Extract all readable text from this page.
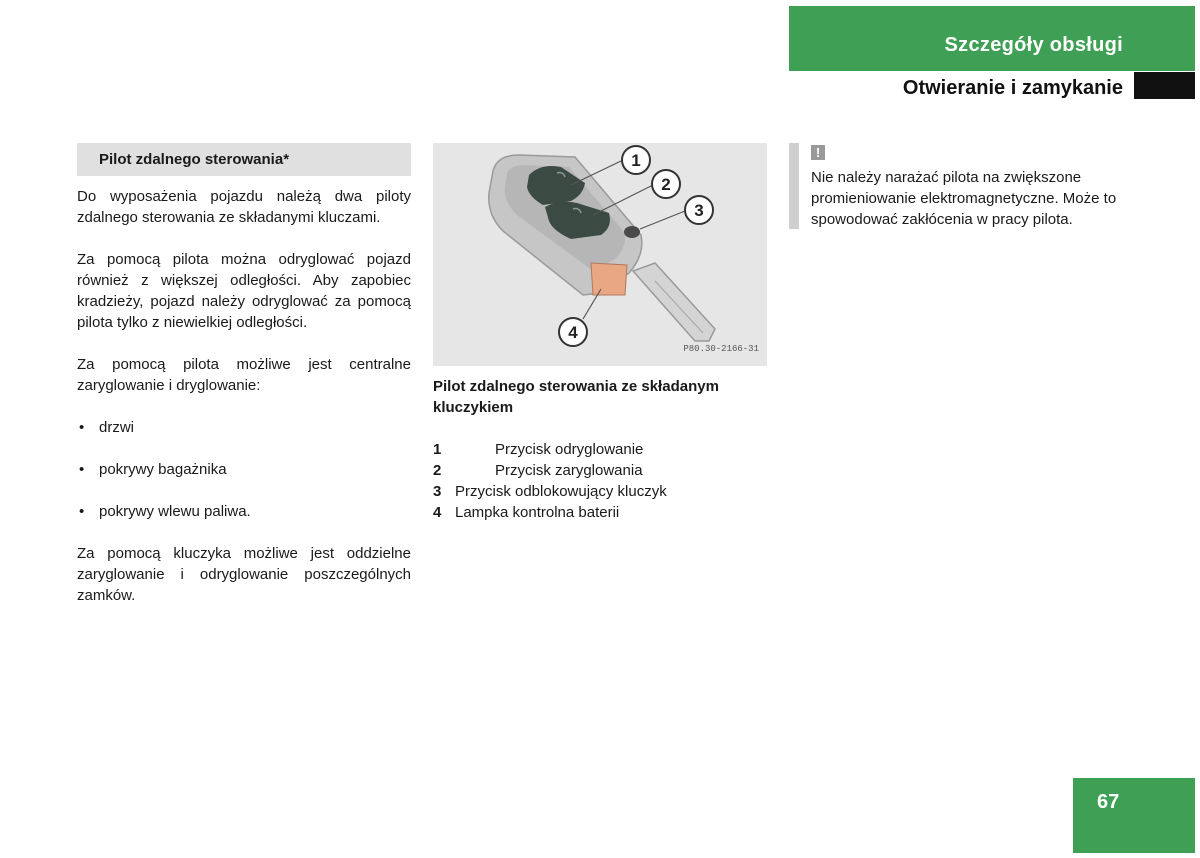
Szczegóły obsługi
Otwieranie i zamykanie
Pilot zdalnego sterowania*

Do wyposażenia pojazdu należą dwa piloty zdalnego sterowania ze składanymi kluczami.

Za pomocą pilota można odryglować pojazd również z większej odległości. Aby zapobiec kradzieży, pojazd należy odryglować za pomocą pilota tylko z niewielkiej odległości.

Za pomocą pilota możliwe jest centralne zaryglowanie i dryglowanie:

• drzwi
• pokrywy bagażnika
• pokrywy wlewu paliwa.

Za pomocą kluczyka możliwe jest oddzielne zaryglowanie i odryglowanie poszczególnych zamków.

1
2
3
4
P80.30-2166-31
Pilot zdalnego sterowania ze składanym kluczykiem
1	Przycisk odryglowanie
2	Przycisk zaryglowania
3 Przycisk odblokowujący kluczyk
4 Lampka kontrolna baterii
!
Nie należy narażać pilota na zwiększone promieniowanie elektromagnetyczne. Może to spowodować zakłócenia w pracy pilota.
67
